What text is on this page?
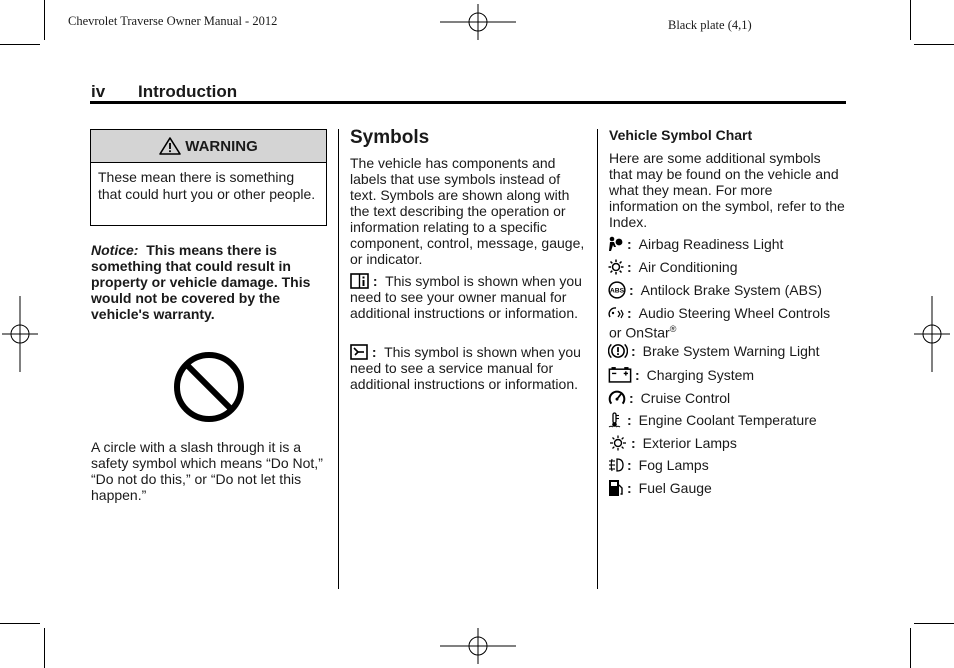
Chevrolet Traverse Owner Manual - 2012	Black plate (4,1)
iv Introduction
WARNING
These mean there is something that could hurt you or other people.
Notice: This means there is something that could result in property or vehicle damage. This would not be covered by the vehicle's warranty.
A circle with a slash through it is a safety symbol which means “Do Not,” “Do not do this,” or “Do not let this happen.”
Symbols
The vehicle has components and labels that use symbols instead of text. Symbols are shown along with the text describing the operation or information relating to a specific component, control, message, gauge, or indicator.
: This symbol is shown when you need to see your owner manual for additional instructions or information.
: This symbol is shown when you need to see a service manual for additional instructions or information.
Vehicle Symbol Chart
Here are some additional symbols that may be found on the vehicle and what they mean. For more information on the symbol, refer to the Index.
: Airbag Readiness Light
: Air Conditioning
ABS : Antilock Brake System (ABS)
: Audio Steering Wheel Controls
or OnStar®
: Brake System Warning Light
: Charging System
: Cruise Control
: Engine Coolant Temperature
: Exterior Lamps
: Fog Lamps
: Fuel Gauge
